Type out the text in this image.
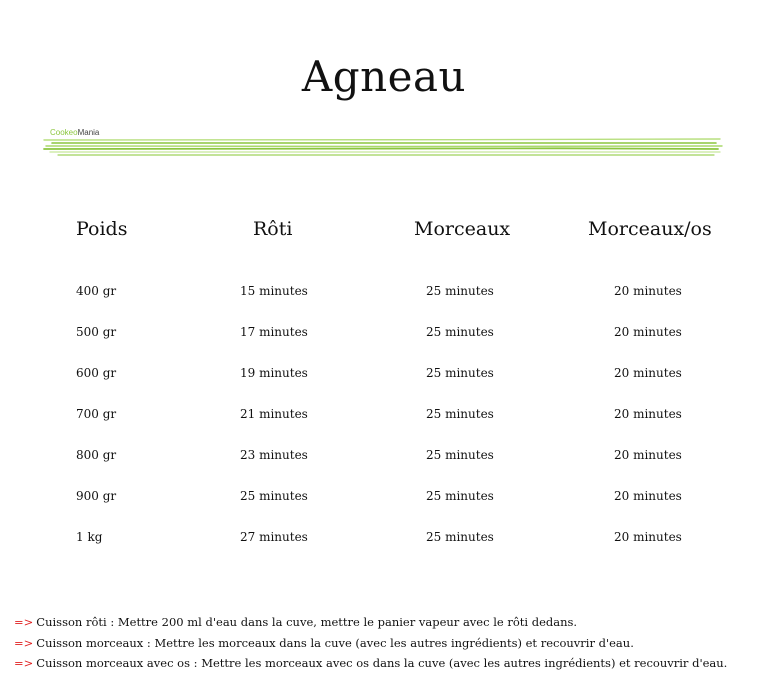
Agneau
CookeoMania
Poids	Rôti	Morceaux	Morceaux/os
400 gr	15 minutes	25 minutes	20 minutes
500 gr	17 minutes	25 minutes	20 minutes
600 gr	19 minutes	25 minutes	20 minutes
700 gr	21 minutes	25 minutes	20 minutes
800 gr	23 minutes	25 minutes	20 minutes
900 gr	25 minutes	25 minutes	20 minutes
1 kg	27 minutes	25 minutes	20 minutes
=> Cuisson rôti : Mettre 200 ml d'eau dans la cuve, mettre le panier vapeur avec le rôti dedans.
=> Cuisson morceaux : Mettre les morceaux dans la cuve (avec les autres ingrédients) et recouvrir d'eau.
=> Cuisson morceaux avec os : Mettre les morceaux avec os dans la cuve (avec les autres ingrédients) et recouvrir d'eau.
